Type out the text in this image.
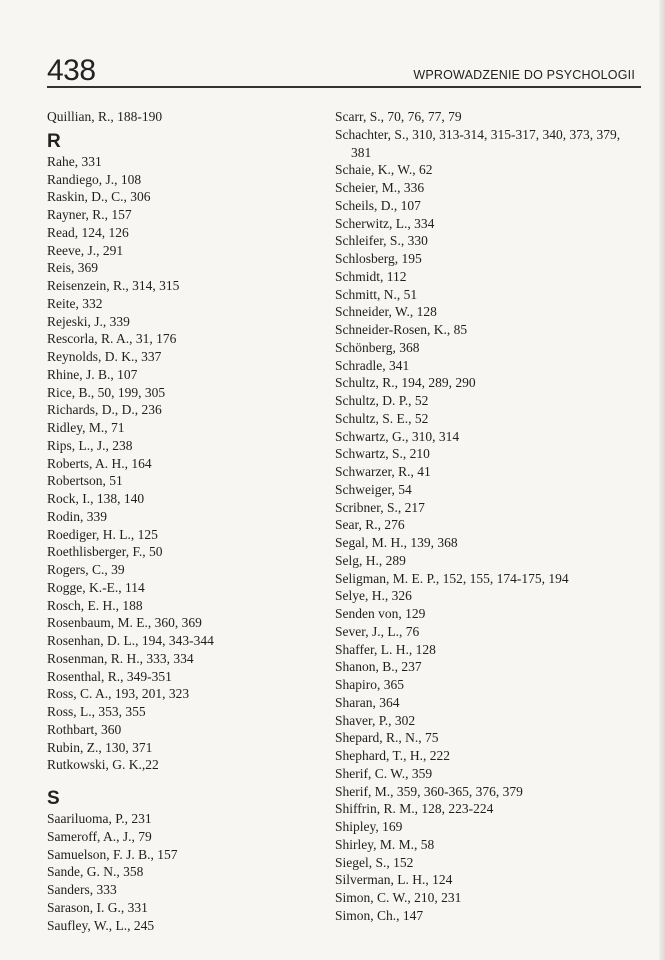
438	WPROWADZENIE DO PSYCHOLOGII
Quillian, R., 188-190
R
Rahe, 331
Randiego, J., 108
Raskin, D., C., 306
Rayner, R., 157
Read, 124, 126
Reeve, J., 291
Reis, 369
Reisenzein, R., 314, 315
Reite, 332
Rejeski, J., 339
Rescorla, R. A., 31, 176
Reynolds, D. K., 337
Rhine, J. B., 107
Rice, B., 50, 199, 305
Richards, D., D., 236
Ridley, M., 71
Rips, L., J., 238
Roberts, A. H., 164
Robertson, 51
Rock, I., 138, 140
Rodin, 339
Roediger, H. L., 125
Roethlisberger, F., 50
Rogers, C., 39
Rogge, K.-E., 114
Rosch, E. H., 188
Rosenbaum, M. E., 360, 369
Rosenhan, D. L., 194, 343-344
Rosenman, R. H., 333, 334
Rosenthal, R., 349-351
Ross, C. A., 193, 201, 323
Ross, L., 353, 355
Rothbart, 360
Rubin, Z., 130, 371
Rutkowski, G. K.,22
S
Saariluoma, P., 231
Sameroff, A., J., 79
Samuelson, F. J. B., 157
Sande, G. N., 358
Sanders, 333
Sarason, I. G., 331
Saufley, W., L., 245
Scarr, S., 70, 76, 77, 79
Schachter, S., 310, 313-314, 315-317, 340, 373, 379, 381
Schaie, K., W., 62
Scheier, M., 336
Scheils, D., 107
Scherwitz, L., 334
Schleifer, S., 330
Schlosberg, 195
Schmidt, 112
Schmitt, N., 51
Schneider, W., 128
Schneider-Rosen, K., 85
Schönberg, 368
Schradle, 341
Schultz, R., 194, 289, 290
Schultz, D. P., 52
Schultz, S. E., 52
Schwartz, G., 310, 314
Schwartz, S., 210
Schwarzer, R., 41
Schweiger, 54
Scribner, S., 217
Sear, R., 276
Segal, M. H., 139, 368
Selg, H., 289
Seligman, M. E. P., 152, 155, 174-175, 194
Selye, H., 326
Senden von, 129
Sever, J., L., 76
Shaffer, L. H., 128
Shanon, B., 237
Shapiro, 365
Sharan, 364
Shaver, P., 302
Shepard, R., N., 75
Shephard, T., H., 222
Sherif, C. W., 359
Sherif, M., 359, 360-365, 376, 379
Shiffrin, R. M., 128, 223-224
Shipley, 169
Shirley, M. M., 58
Siegel, S., 152
Silverman, L. H., 124
Simon, C. W., 210, 231
Simon, Ch., 147
